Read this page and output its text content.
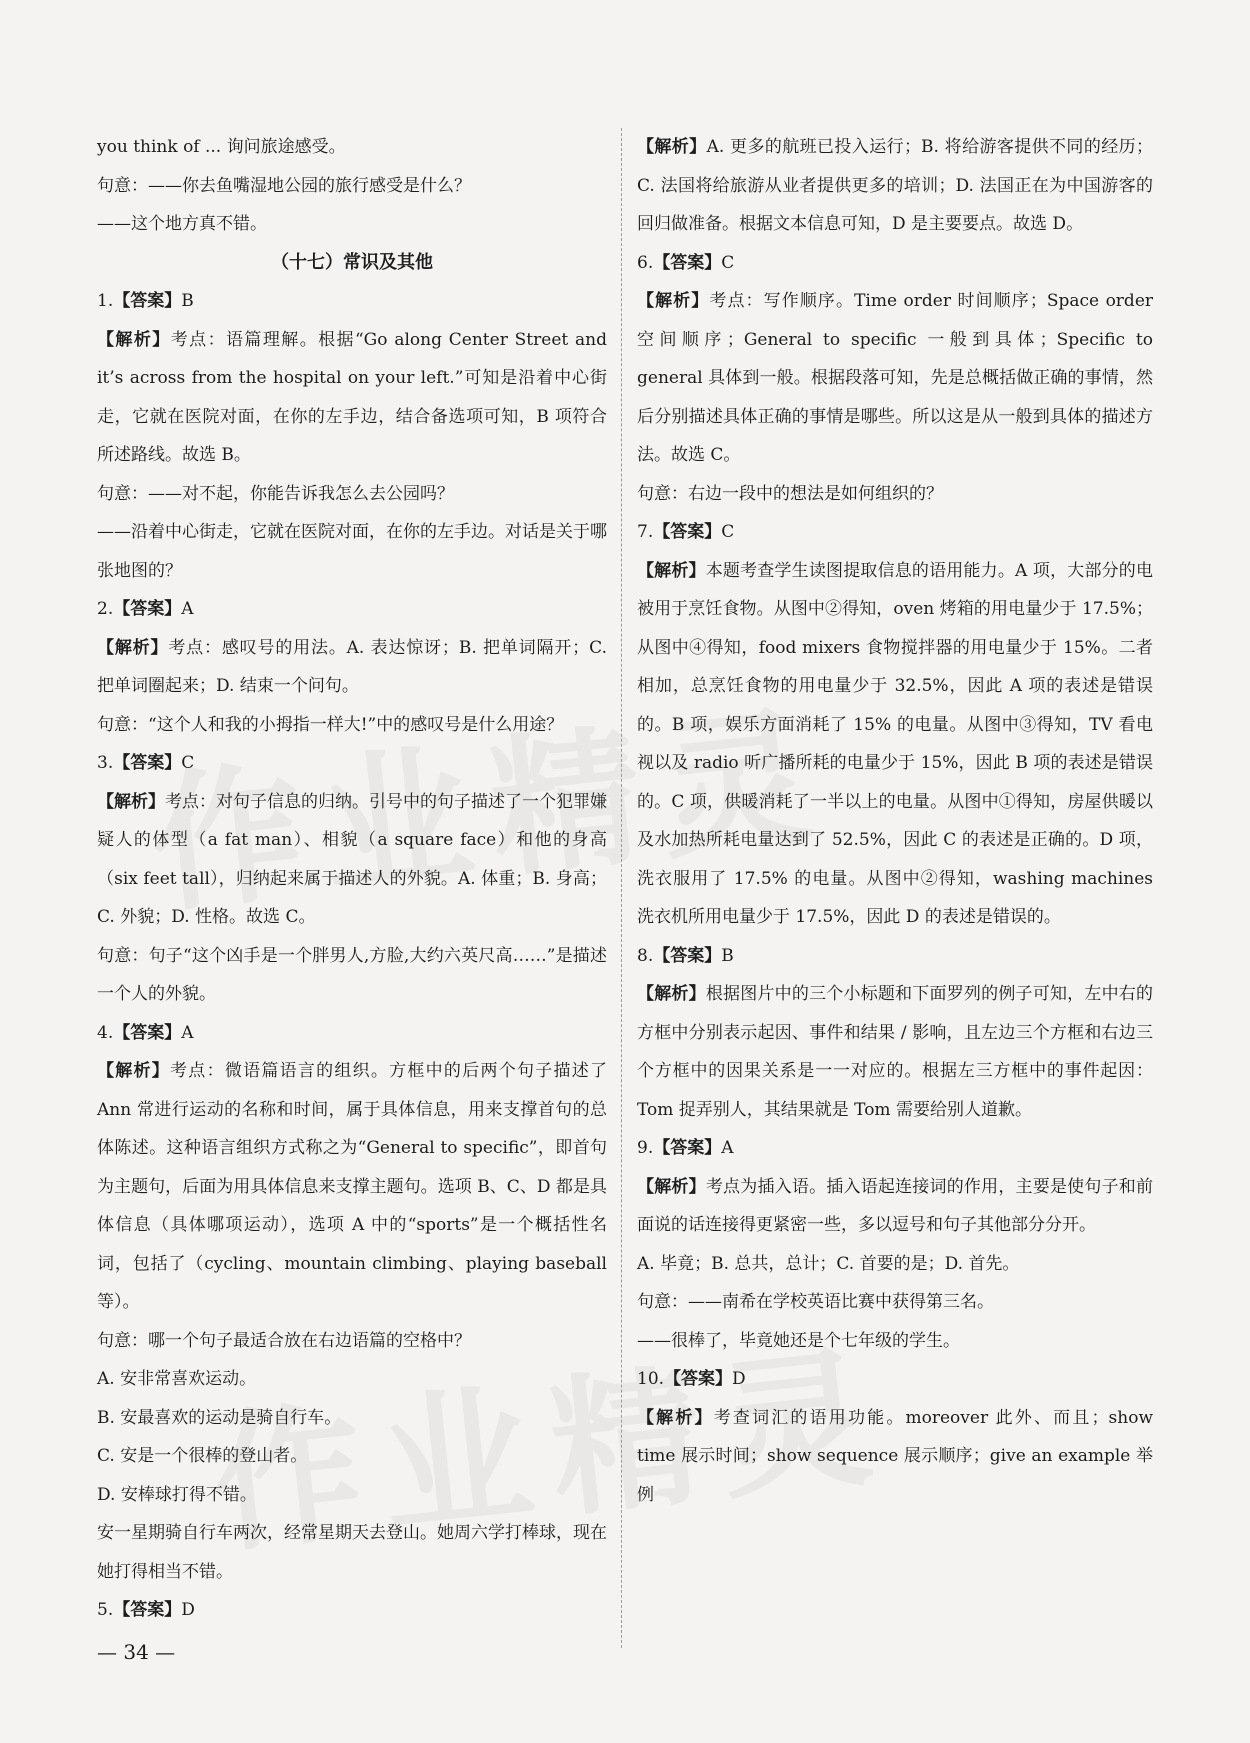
you think of ... 询问旅途感受。

句意：——你去鱼嘴湿地公园的旅行感受是什么？

——这个地方真不错。

（十七）常识及其他

1.【答案】B

【解析】考点：语篇理解。根据“Go along Center Street and it’s across from the hospital on your left.”可知是沿着中心街走，它就在医院对面，在你的左手边，结合备选项可知，B 项符合所述路线。故选 B。

句意：——对不起，你能告诉我怎么去公园吗？

——沿着中心街走，它就在医院对面，在你的左手边。对话是关于哪张地图的？

2.【答案】A

【解析】考点：感叹号的用法。A. 表达惊讶；B. 把单词隔开；C. 把单词圈起来；D. 结束一个问句。

句意：“这个人和我的小拇指一样大!”中的感叹号是什么用途？

3.【答案】C

【解析】考点：对句子信息的归纳。引号中的句子描述了一个犯罪嫌疑人的体型（a fat man）、相貌（a square face）和他的身高（six feet tall），归纳起来属于描述人的外貌。A. 体重；B. 身高；C. 外貌；D. 性格。故选 C。

句意：句子“这个凶手是一个胖男人,方脸,大约六英尺高……”是描述一个人的外貌。

4.【答案】A

【解析】考点：微语篇语言的组织。方框中的后两个句子描述了 Ann 常进行运动的名称和时间，属于具体信息，用来支撑首句的总体陈述。这种语言组织方式称之为“General to specific”，即首句为主题句，后面为用具体信息来支撑主题句。选项 B、C、D 都是具体信息（具体哪项运动），选项 A 中的“sports”是一个概括性名词，包括了（cycling、mountain climbing、playing baseball 等）。

句意：哪一个句子最适合放在右边语篇的空格中？

A. 安非常喜欢运动。

B. 安最喜欢的运动是骑自行车。

C. 安是一个很棒的登山者。

D. 安棒球打得不错。

安一星期骑自行车两次，经常星期天去登山。她周六学打棒球，现在她打得相当不错。

5.【答案】D

【解析】A. 更多的航班已投入运行；B. 将给游客提供不同的经历；C. 法国将给旅游从业者提供更多的培训；D. 法国正在为中国游客的回归做准备。根据文本信息可知，D 是主要要点。故选 D。

6.【答案】C

【解析】考点：写作顺序。Time order 时间顺序；Space order 空间顺序；General to specific 一般到具体；Specific to general 具体到一般。根据段落可知，先是总概括做正确的事情，然后分别描述具体正确的事情是哪些。所以这是从一般到具体的描述方法。故选 C。

句意：右边一段中的想法是如何组织的？

7.【答案】C

【解析】本题考查学生读图提取信息的语用能力。A 项，大部分的电被用于烹饪食物。从图中②得知，oven 烤箱的用电量少于 17.5%；从图中④得知，food mixers 食物搅拌器的用电量少于 15%。二者相加，总烹饪食物的用电量少于 32.5%，因此 A 项的表述是错误的。B 项，娱乐方面消耗了 15% 的电量。从图中③得知，TV 看电视以及 radio 听广播所耗的电量少于 15%，因此 B 项的表述是错误的。C 项，供暖消耗了一半以上的电量。从图中①得知，房屋供暖以及水加热所耗电量达到了 52.5%，因此 C 的表述是正确的。D 项，洗衣服用了 17.5% 的电量。从图中②得知，washing machines 洗衣机所用电量少于 17.5%，因此 D 的表述是错误的。

8.【答案】B

【解析】根据图片中的三个小标题和下面罗列的例子可知，左中右的方框中分别表示起因、事件和结果 / 影响，且左边三个方框和右边三个方框中的因果关系是一一对应的。根据左三方框中的事件起因：Tom 捉弄别人，其结果就是 Tom 需要给别人道歉。

9.【答案】A

【解析】考点为插入语。插入语起连接词的作用，主要是使句子和前面说的话连接得更紧密一些，多以逗号和句子其他部分分开。

A. 毕竟；B. 总共，总计；C. 首要的是；D. 首先。

句意：——南希在学校英语比赛中获得第三名。

——很棒了，毕竟她还是个七年级的学生。

10.【答案】D

【解析】考查词汇的语用功能。moreover 此外、而且；show time 展示时间；show sequence 展示顺序；give an example 举例

— 34 —
